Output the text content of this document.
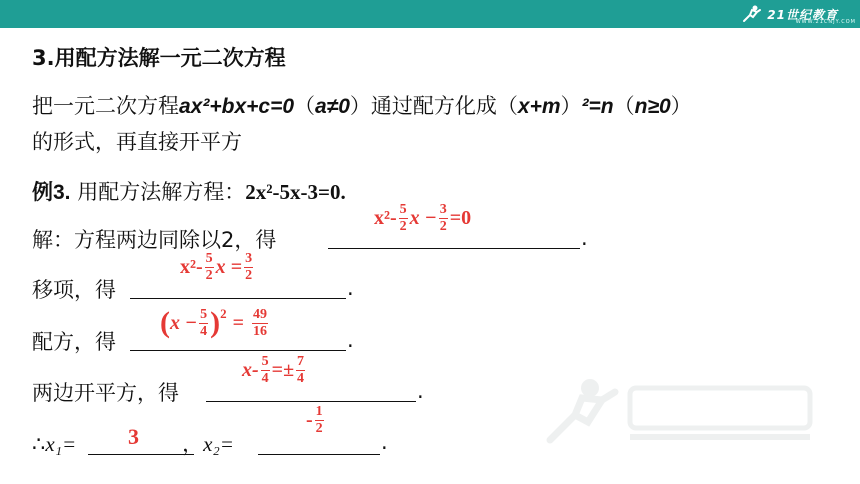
21世纪教育
WWW.21CNJY.COM
3.用配方法解一元二次方程
把一元二次方程ax²+bx+c=0（a≠0）通过配方化成（x+m）²=n（n≥0）
的形式，再直接开平方
例3. 用配方法解方程：2x²-5x-3=0.
解：方程两边同除以2，得	.
$x^2- \frac{5}{2}$ $x - \frac{3}{2} =0$
移项，得	.
$x^2- \frac{5}{2}$ $x = \frac{3}{2}$
配方，得	.
( $x - \frac{5}{4} )^2 = \frac{49}{16}$
两边开平方，得	.
$x- \frac{5}{4} =\pm \frac{7}{4}$
∴x₁=	，x₂=	.
3
- $\frac{1}{2}$
